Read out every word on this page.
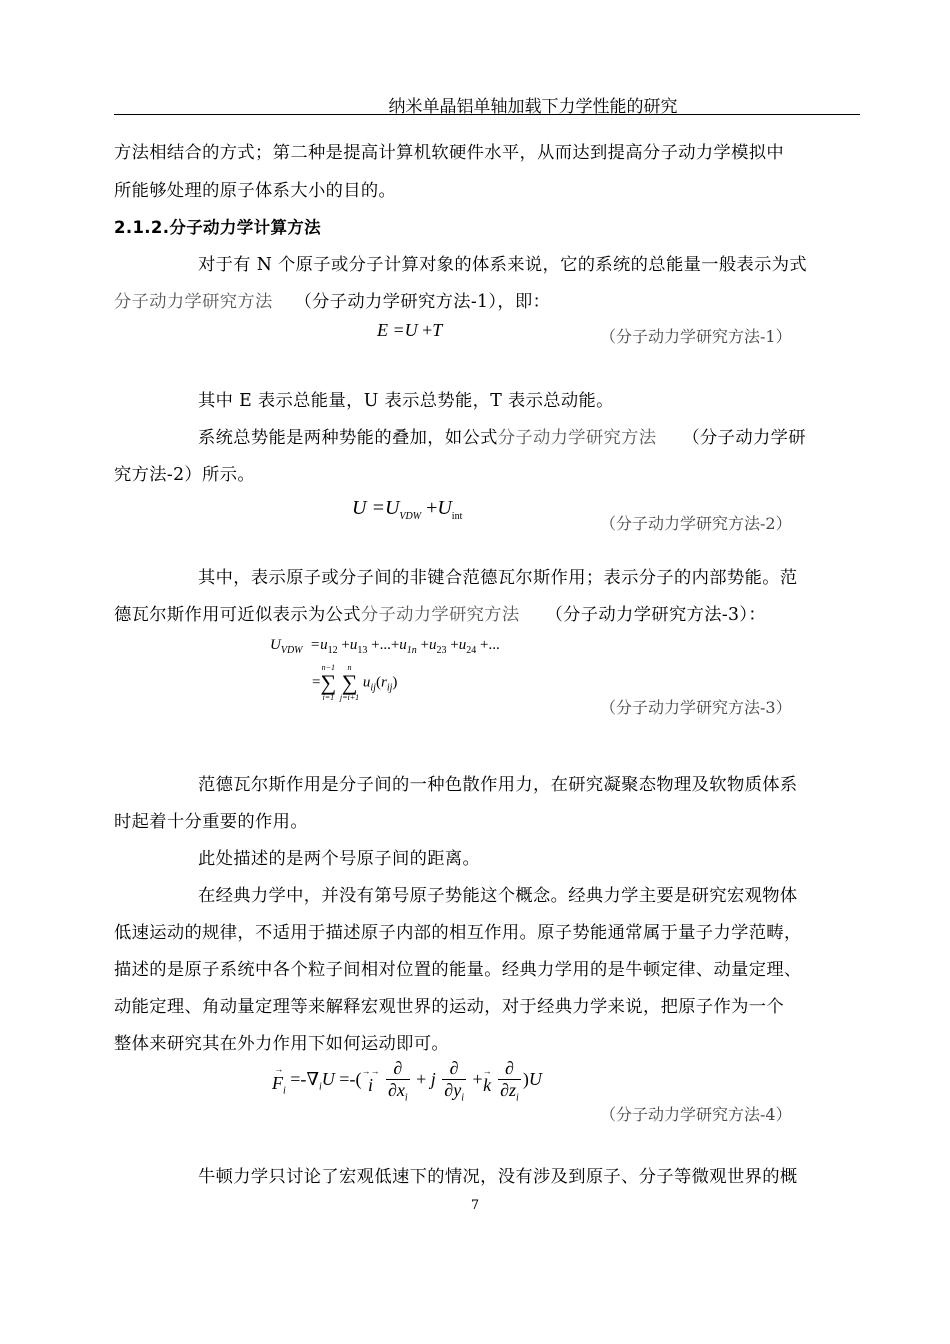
纳米单晶铝单轴加载下力学性能的研究
方法相结合的方式；第二种是提高计算机软硬件水平，从而达到提高分子动力学模拟中
所能够处理的原子体系大小的目的。
2.1.2.分子动力学计算方法
对于有 N 个原子或分子计算对象的体系来说，它的系统的总能量一般表示为式
分子动力学研究方法 （分子动力学研究方法-1），即：
E =U +T	（分子动力学研究方法-1）
其中 E 表示总能量，U 表示总势能，T 表示总动能。
系统总势能是两种势能的叠加，如公式分子动力学研究方法 （分子动力学研
究方法-2）所示。
$U =U_{VDW} +U_{int}$	（分子动力学研究方法-2）
其中，表示原子或分子间的非键合范德瓦尔斯作用；表示分子的内部势能。范
德瓦尔斯作用可近似表示为公式分子动力学研究方法 （分子动力学研究方法-3）：
$U_{VDW} =u_{12} +u_{13} +...+u_{1n} +u_{23} +u_{24}$ +...
=
n−1
∑
i=1

n
∑
j=i+1
$u_{ij}(r_{ij})$
（分子动力学研究方法-3）
范德瓦尔斯作用是分子间的一种色散作用力，在研究凝聚态物理及软物质体系
时起着十分重要的作用。
此处描述的是两个号原子间的距离。
在经典力学中，并没有第号原子势能这个概念。经典力学主要是研究宏观物体
低速运动的规律，不适用于描述原子内部的相互作用。原子势能通常属于量子力学范畴，
描述的是原子系统中各个粒子间相对位置的能量。经典力学用的是牛顿定律、动量定理、
动能定理、角动量定理等来解释宏观世界的运动，对于经典力学来说，把原子作为一个
整体来研究其在外力作用下如何运动即可。
→
$F_i =-\nabla_iU$ =-( →→
i $\frac{\partial}{\partial x_i} + j \frac{\partial}{\partial y_i}$ + →
k $\frac{\partial}{\partial z_i} )U$
（分子动力学研究方法-4）
牛顿力学只讨论了宏观低速下的情况，没有涉及到原子、分子等微观世界的概
7
